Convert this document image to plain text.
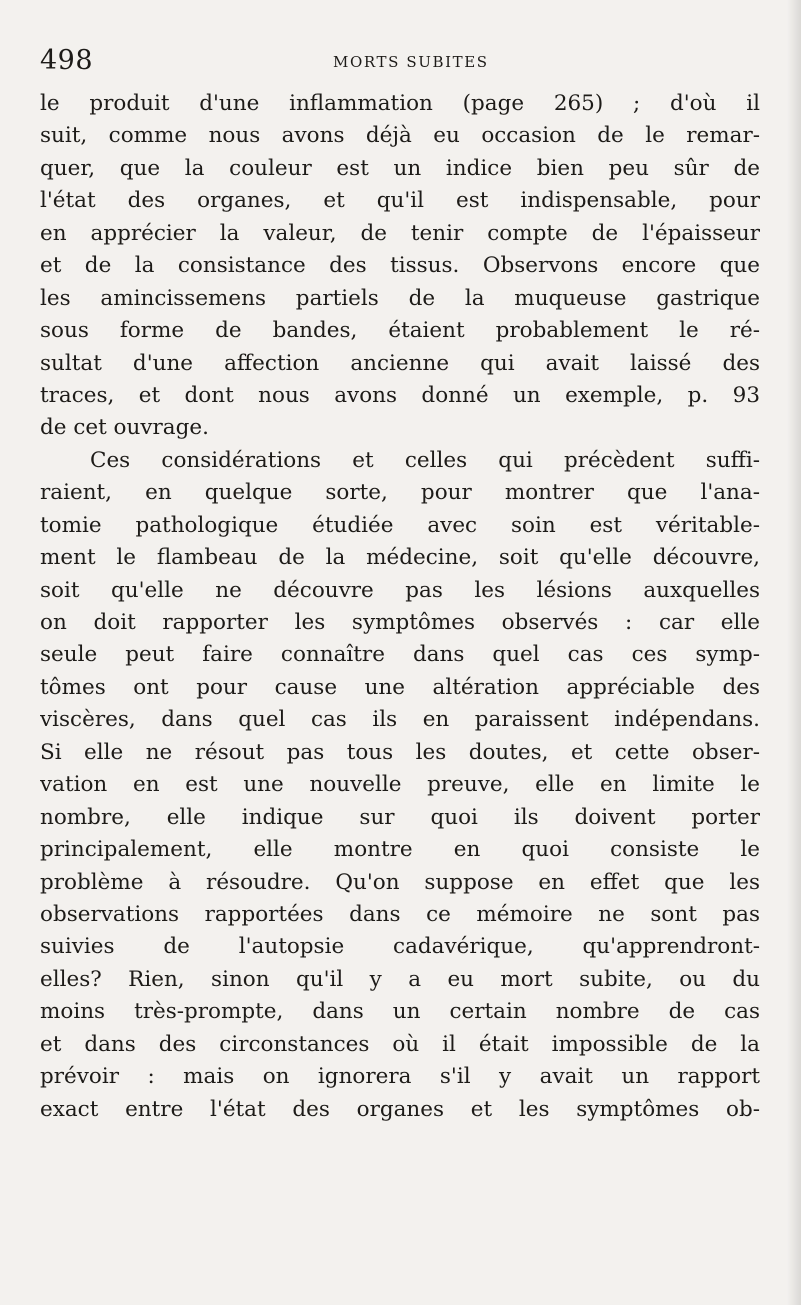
498	MORTS SUBITES
le produit d'une inflammation (page 265) ; d'où il
suit, comme nous avons déjà eu occasion de le remar-
quer, que la couleur est un indice bien peu sûr de
l'état des organes, et qu'il est indispensable, pour
en apprécier la valeur, de tenir compte de l'épaisseur
et de la consistance des tissus. Observons encore que
les amincissemens partiels de la muqueuse gastrique
sous forme de bandes, étaient probablement le ré-
sultat d'une affection ancienne qui avait laissé des
traces, et dont nous avons donné un exemple, p. 93
de cet ouvrage.
Ces considérations et celles qui précèdent suffi-
raient, en quelque sorte, pour montrer que l'ana-
tomie pathologique étudiée avec soin est véritable-
ment le flambeau de la médecine, soit qu'elle découvre,
soit qu'elle ne découvre pas les lésions auxquelles
on doit rapporter les symptômes observés : car elle
seule peut faire connaître dans quel cas ces symp-
tômes ont pour cause une altération appréciable des
viscères, dans quel cas ils en paraissent indépendans.
Si elle ne résout pas tous les doutes, et cette obser-
vation en est une nouvelle preuve, elle en limite le
nombre, elle indique sur quoi ils doivent porter
principalement, elle montre en quoi consiste le
problème à résoudre. Qu'on suppose en effet que les
observations rapportées dans ce mémoire ne sont pas
suivies de l'autopsie cadavérique, qu'apprendront-
elles? Rien, sinon qu'il y a eu mort subite, ou du
moins très-prompte, dans un certain nombre de cas
et dans des circonstances où il était impossible de la
prévoir : mais on ignorera s'il y avait un rapport
exact entre l'état des organes et les symptômes ob-
